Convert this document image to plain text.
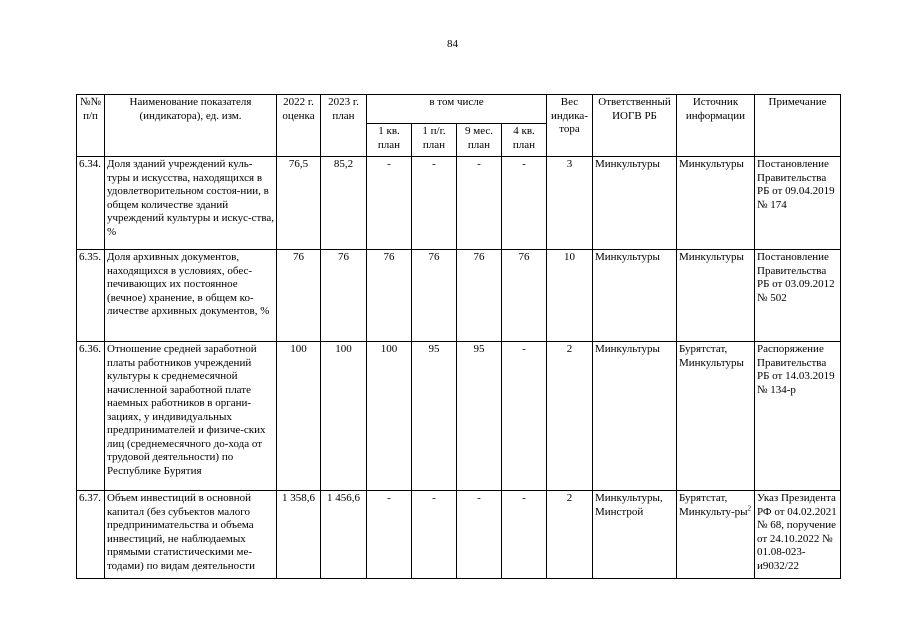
84
№№ п/п	Наименование показателя (индикатора), ед. изм.	2022 г. оценка	2023 г. план	в том числе				Вес индика-тора	Ответственный ИОГВ РБ	Источник информации	Примечание
				1 кв. план	1 п/г. план	9 мес. план	4 кв. план				
6.34.	Доля зданий учреждений куль-туры и искусства, находящихся в удовлетворительном состоя-нии, в общем количестве зданий учреждений культуры и искус-ства, %	76,5	85,2	-	-	-	-	3	Минкультуры	Минкультуры	Постановление Правительства РБ от 09.04.2019 № 174
6.35.	Доля архивных документов, находящихся в условиях, обес-печивающих их постоянное (вечное) хранение, в общем ко-личестве архивных документов, %	76	76	76	76	76	76	10	Минкультуры	Минкультуры	Постановление Правительства РБ от 03.09.2012 № 502
6.36.	Отношение средней заработной платы работников учреждений культуры к среднемесячной начисленной заработной плате наемных работников в органи-зациях, у индивидуальных предпринимателей и физиче-ских лиц (среднемесячного до-хода от трудовой деятельности) по Республике Бурятия	100	100	100	95	95	-	2	Минкультуры	Бурятстат, Минкультуры	Распоряжение Правительства РБ от 14.03.2019 № 134-р
6.37.	Объем инвестиций в основной капитал (без субъектов малого предпринимательства и объема инвестиций, не наблюдаемых прямыми статистическими ме-тодами) по видам деятельности	1 358,6	1 456,6	-	-	-	-	2	Минкультуры, Минстрой	Бурятстат, Минкульту-$ры^2$	Указ Президента РФ от 04.02.2021 № 68, поручение от 24.10.2022 № 01.08-023-и9032/22
